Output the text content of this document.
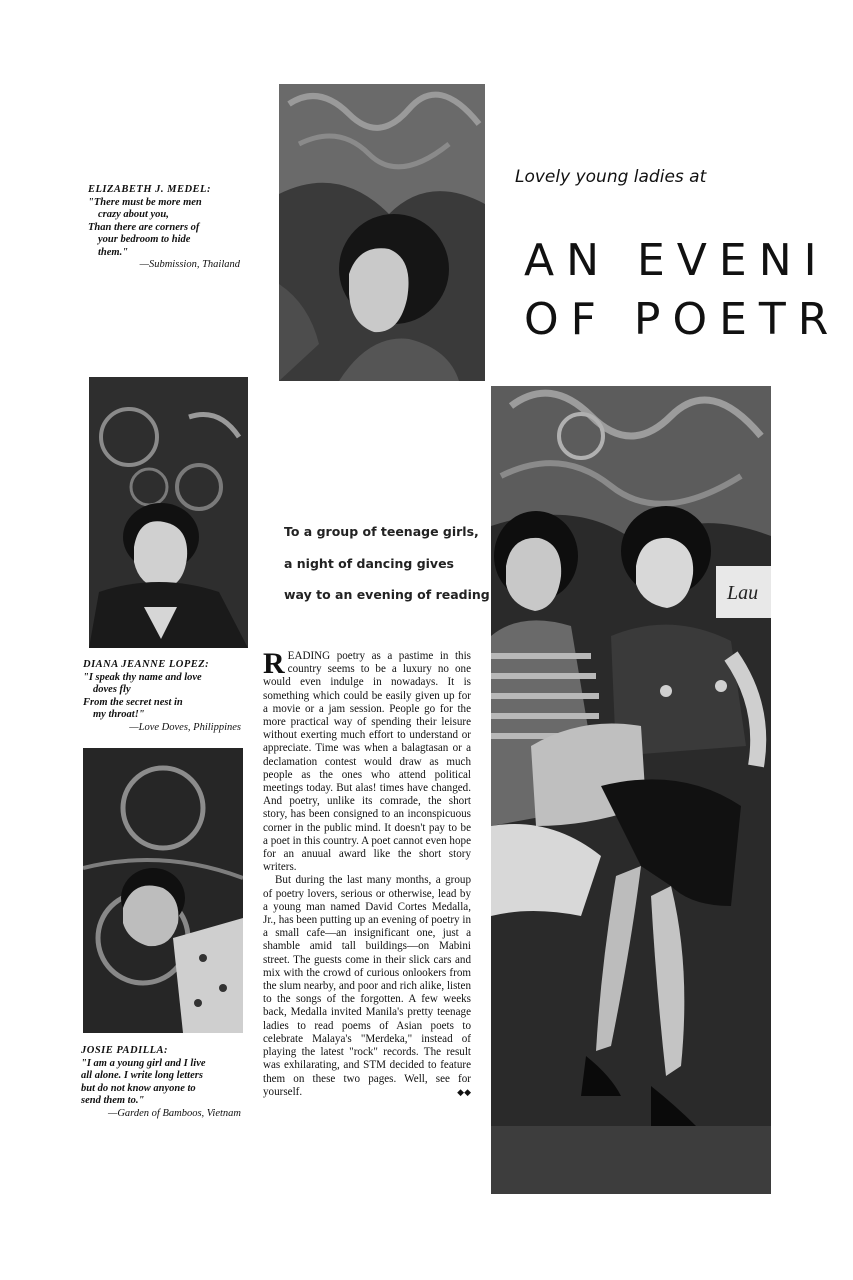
ELIZABETH J. MEDEL:
"There must be more men
crazy about you,
Than there are corners of
your bedroom to hide
them."
—Submission, Thailand
Lovely young ladies at
AN EVENI
OF POETR
DIANA JEANNE LOPEZ:
"I speak thy name and love
doves fly
From the secret nest in
my throat!"
—Love Doves, Philippines
JOSIE PADILLA:
"I am a young girl and I live
all alone. I write long letters
but do not know anyone to
send them to."
—Garden of Bamboos, Vietnam
To a group of teenage girls,
a night of dancing gives
way to an evening of reading

READING poetry as a pastime in this country seems to be a luxury no one would even indulge in nowadays. It is something which could be easily given up for a movie or a jam session. People go for the more practical way of spending their leisure without exerting much effort to understand or appreciate. Time was when a balagtasan or a declamation contest would draw as much people as the ones who attend political meetings today. But alas! times have changed. And poetry, unlike its comrade, the short story, has been consigned to an inconspicuous corner in the public mind. It doesn't pay to be a poet in this country. A poet cannot even hope for an anuual award like the short story writers.

But during the last many months, a group of poetry lovers, serious or otherwise, lead by a young man named David Cortes Medalla, Jr., has been putting up an evening of poetry in a small cafe—an insignificant one, just a shamble amid tall buildings—on Mabini street. The guests come in their slick cars and mix with the crowd of curious onlookers from the slum nearby, and poor and rich alike, listen to the songs of the forgotten. A few weeks back, Medalla invited Manila's pretty teenage ladies to read poems of Asian poets to celebrate Malaya's "Merdeka," instead of playing the latest "rock" records. The result was exhilarating, and STM decided to feature them on these two pages. Well, see for yourself.	◆◆

Lau
